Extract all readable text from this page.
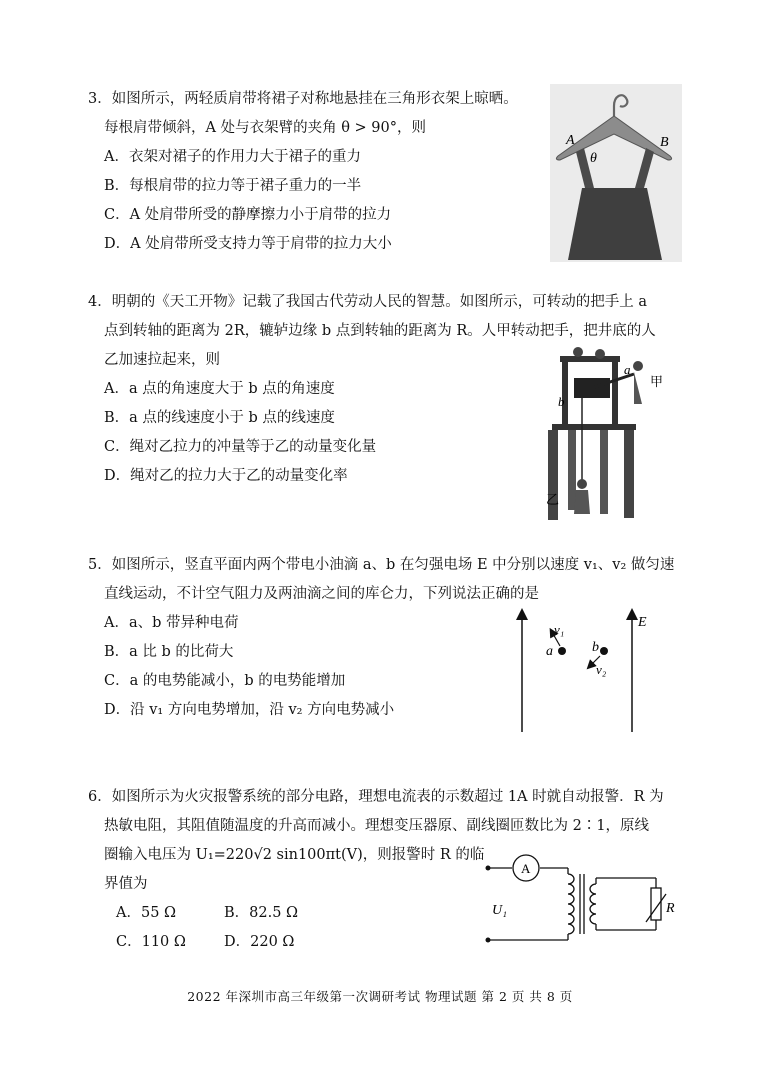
3．如图所示，两轻质肩带将裙子对称地悬挂在三角形衣架上晾晒。
每根肩带倾斜，A 处与衣架臂的夹角 θ > 90°，则
A．衣架对裙子的作用力大于裙子的重力
B．每根肩带的拉力等于裙子重力的一半
C．A 处肩带所受的静摩擦力小于肩带的拉力
D．A 处肩带所受支持力等于肩带的拉力大小
A	B
θ
4．明朝的《天工开物》记载了我国古代劳动人民的智慧。如图所示，可转动的把手上 a
点到转轴的距离为 2R，辘轳边缘 b 点到转轴的距离为 R。人甲转动把手，把井底的人
乙加速拉起来，则
A．a 点的角速度大于 b 点的角速度
B．a 点的线速度小于 b 点的线速度
C．绳对乙拉力的冲量等于乙的动量变化量
D．绳对乙的拉力大于乙的动量变化率
a
b
甲
乙
5．如图所示，竖直平面内两个带电小油滴 a、b 在匀强电场 E 中分别以速度 v₁、v₂ 做匀速
直线运动，不计空气阻力及两油滴之间的库仑力，下列说法正确的是
A．a、b 带异种电荷
B．a 比 b 的比荷大
C．a 的电势能减小，b 的电势能增加
D．沿 v₁ 方向电势增加，沿 v₂ 方向电势减小
E
a
v₁
b
v₂
6．如图所示为火灾报警系统的部分电路，理想电流表的示数超过 1A 时就自动报警．R 为
热敏电阻，其阻值随温度的升高而减小。理想变压器原、副线圈匝数比为 2∶1，原线
圈输入电压为 U₁=220√2 sin100πt(V)，则报警时 R 的临
界值为
A．55 Ω	B．82.5 Ω
C．110 Ω	D．220 Ω
A
U₁	R
2022 年深圳市高三年级第一次调研考试 物理试题 第 2 页 共 8 页
